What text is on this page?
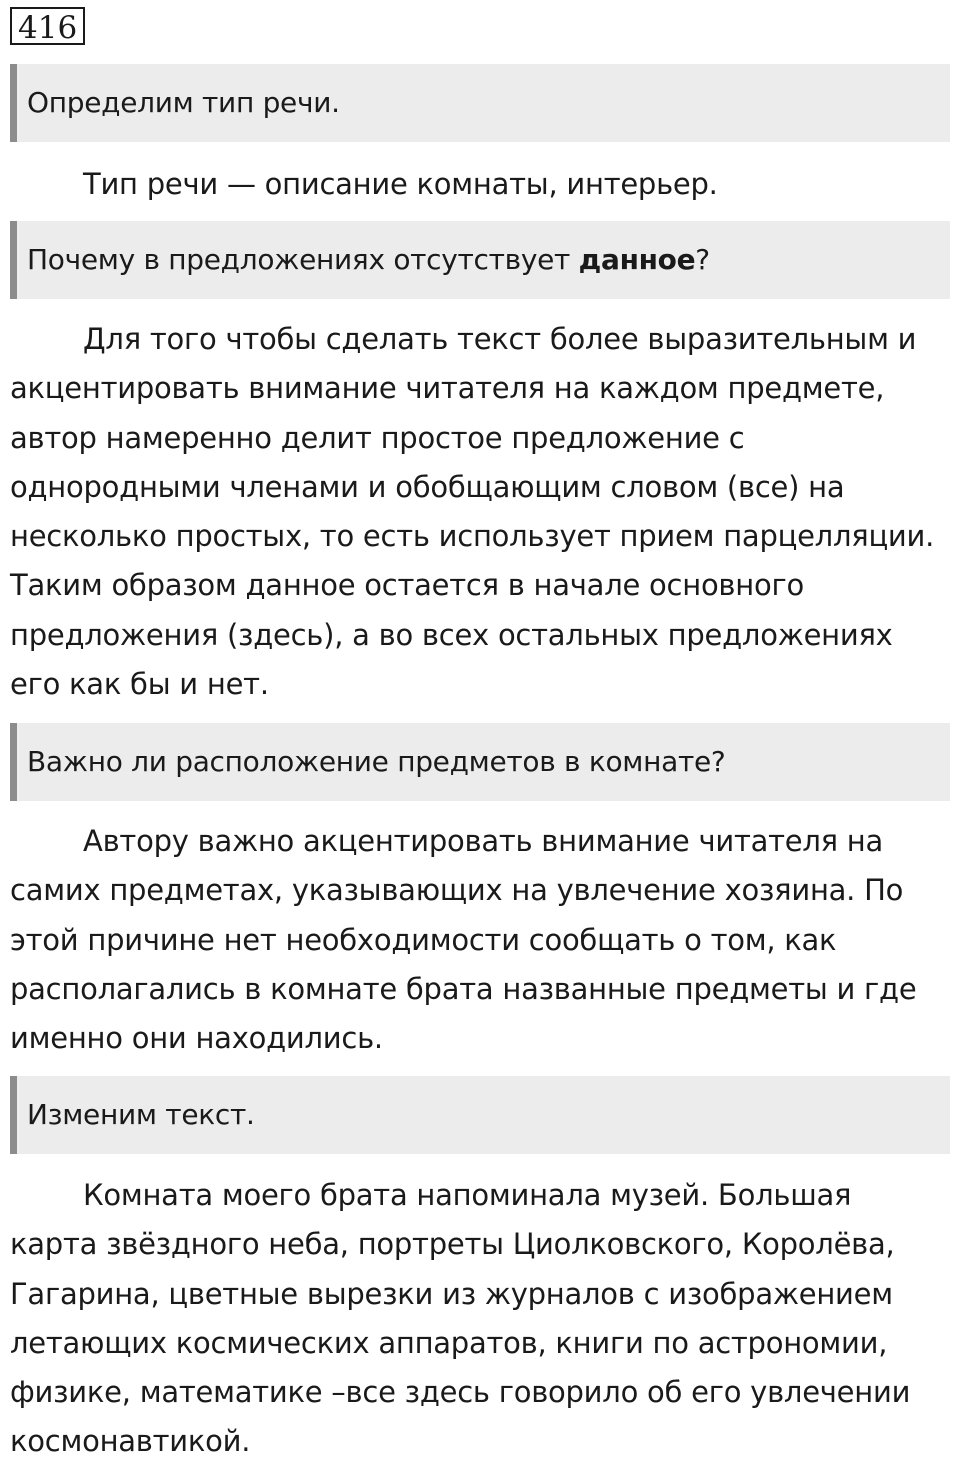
416
Определим тип речи.
Тип речи — описание комнаты, интерьер.
Почему в предложениях отсутствует данное?
Для того чтобы сделать текст более выразительным и
акцентировать внимание читателя на каждом предмете,
автор намеренно делит простое предложение с
однородными членами и обобщающим словом (все) на
несколько простых, то есть использует прием парцелляции.
Таким образом данное остается в начале основного
предложения (здесь), а во всех остальных предложениях
его как бы и нет.
Важно ли расположение предметов в комнате?
Автору важно акцентировать внимание читателя на
самих предметах, указывающих на увлечение хозяина. По
этой причине нет необходимости сообщать о том, как
располагались в комнате брата названные предметы и где
именно они находились.
Изменим текст.
Комната моего брата напоминала музей. Большая
карта звёздного неба, портреты Циолковского, Королёва,
Гагарина, цветные вырезки из журналов с изображением
летающих космических аппаратов, книги по астрономии,
физике, математике –все здесь говорило об его увлечении
космонавтикой.
